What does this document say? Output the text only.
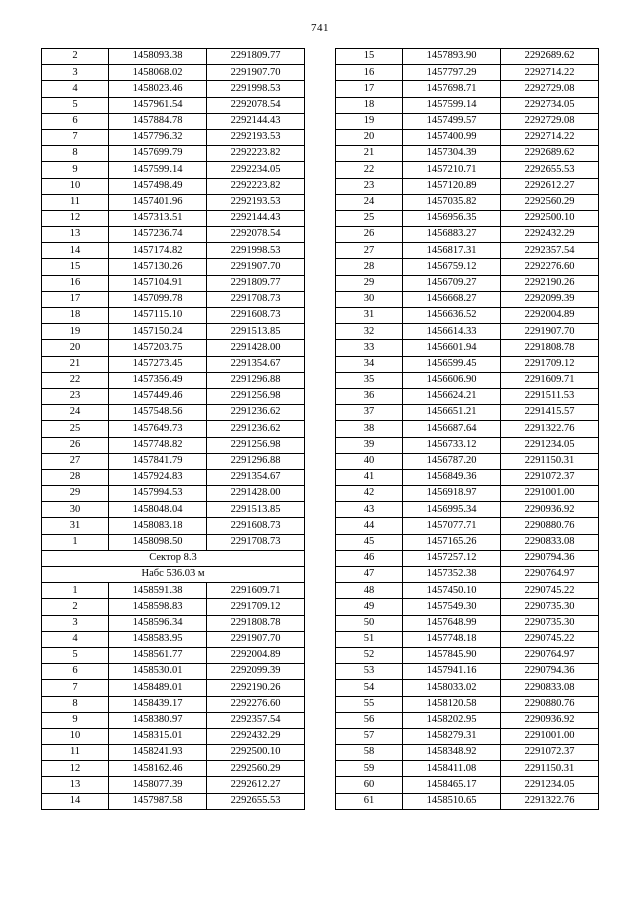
741
2	1458093.38	2291809.77
3	1458068.02	2291907.70
4	1458023.46	2291998.53
5	1457961.54	2292078.54
6	1457884.78	2292144.43
7	1457796.32	2292193.53
8	1457699.79	2292223.82
9	1457599.14	2292234.05
10	1457498.49	2292223.82
11	1457401.96	2292193.53
12	1457313.51	2292144.43
13	1457236.74	2292078.54
14	1457174.82	2291998.53
15	1457130.26	2291907.70
16	1457104.91	2291809.77
17	1457099.78	2291708.73
18	1457115.10	2291608.73
19	1457150.24	2291513.85
20	1457203.75	2291428.00
21	1457273.45	2291354.67
22	1457356.49	2291296.88
23	1457449.46	2291256.98
24	1457548.56	2291236.62
25	1457649.73	2291236.62
26	1457748.82	2291256.98
27	1457841.79	2291296.88
28	1457924.83	2291354.67
29	1457994.53	2291428.00
30	1458048.04	2291513.85
31	1458083.18	2291608.73
1	1458098.50	2291708.73
Сектор 8.3		
Набс 536.03 м		
1	1458591.38	2291609.71
2	1458598.83	2291709.12
3	1458596.34	2291808.78
4	1458583.95	2291907.70
5	1458561.77	2292004.89
6	1458530.01	2292099.39
7	1458489.01	2292190.26
8	1458439.17	2292276.60
9	1458380.97	2292357.54
10	1458315.01	2292432.29
11	1458241.93	2292500.10
12	1458162.46	2292560.29
13	1458077.39	2292612.27
14	1457987.58	2292655.53
15	1457893.90	2292689.62
16	1457797.29	2292714.22
17	1457698.71	2292729.08
18	1457599.14	2292734.05
19	1457499.57	2292729.08
20	1457400.99	2292714.22
21	1457304.39	2292689.62
22	1457210.71	2292655.53
23	1457120.89	2292612.27
24	1457035.82	2292560.29
25	1456956.35	2292500.10
26	1456883.27	2292432.29
27	1456817.31	2292357.54
28	1456759.12	2292276.60
29	1456709.27	2292190.26
30	1456668.27	2292099.39
31	1456636.52	2292004.89
32	1456614.33	2291907.70
33	1456601.94	2291808.78
34	1456599.45	2291709.12
35	1456606.90	2291609.71
36	1456624.21	2291511.53
37	1456651.21	2291415.57
38	1456687.64	2291322.76
39	1456733.12	2291234.05
40	1456787.20	2291150.31
41	1456849.36	2291072.37
42	1456918.97	2291001.00
43	1456995.34	2290936.92
44	1457077.71	2290880.76
45	1457165.26	2290833.08
46	1457257.12	2290794.36
47	1457352.38	2290764.97
48	1457450.10	2290745.22
49	1457549.30	2290735.30
50	1457648.99	2290735.30
51	1457748.18	2290745.22
52	1457845.90	2290764.97
53	1457941.16	2290794.36
54	1458033.02	2290833.08
55	1458120.58	2290880.76
56	1458202.95	2290936.92
57	1458279.31	2291001.00
58	1458348.92	2291072.37
59	1458411.08	2291150.31
60	1458465.17	2291234.05
61	1458510.65	2291322.76
